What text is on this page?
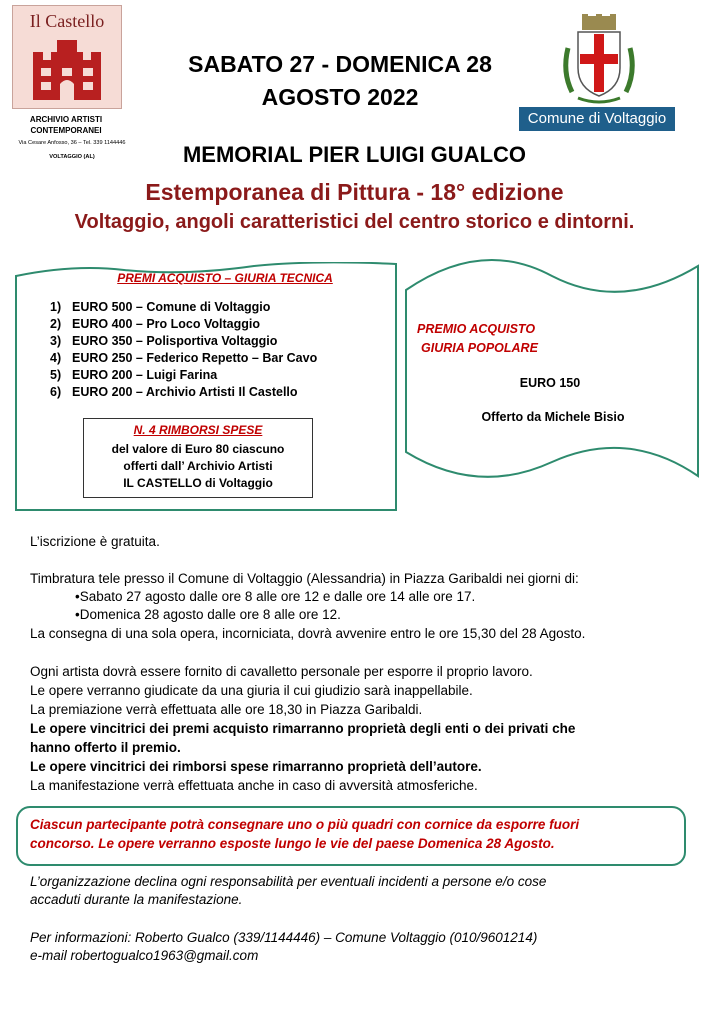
Il Castello
ARCHIVIO ARTISTI
CONTEMPORANEI
Via Cesare Anfosso, 36 – Tel. 339 1144446
VOLTAGGIO (AL)
SABATO 27 - DOMENICA 28
AGOSTO 2022
Comune di Voltaggio
MEMORIAL PIER LUIGI GUALCO
Estemporanea di Pittura - 18° edizione
Voltaggio, angoli caratteristici del centro storico e dintorni.
PREMI ACQUISTO – GIURIA TECNICA
1) EURO 500 – Comune di Voltaggio
2) EURO 400 – Pro Loco Voltaggio
3) EURO 350 – Polisportiva Voltaggio
4) EURO 250 – Federico Repetto – Bar Cavo
5) EURO 200 – Luigi Farina
6) EURO 200 – Archivio Artisti Il Castello
N. 4 RIMBORSI SPESE
del valore di Euro 80 ciascuno
offerti dall’ Archivio Artisti
IL CASTELLO di Voltaggio
PREMIO ACQUISTO
GIURIA POPOLARE
EURO 150
Offerto da Michele Bisio
L’iscrizione è gratuita.
Timbratura tele presso il Comune di Voltaggio (Alessandria) in Piazza Garibaldi nei giorni di:
•Sabato 27 agosto dalle ore 8 alle ore 12 e dalle ore 14 alle ore 17.
•Domenica 28 agosto dalle ore 8 alle ore 12.
La consegna di una sola opera, incorniciata, dovrà avvenire entro le ore 15,30 del 28 Agosto.
Ogni artista dovrà essere fornito di cavalletto personale per esporre il proprio lavoro.
Le opere verranno giudicate da una giuria il cui giudizio sarà inappellabile.
La premiazione verrà effettuata alle ore 18,30 in Piazza Garibaldi.
Le opere vincitrici dei premi acquisto rimarranno proprietà degli enti o dei privati che
hanno offerto il premio.
Le opere vincitrici dei rimborsi spese rimarranno proprietà dell’autore.
La manifestazione verrà effettuata anche in caso di avversità atmosferiche.
Ciascun partecipante potrà consegnare uno o più quadri con cornice da esporre fuori
concorso. Le opere verranno esposte lungo le vie del paese Domenica 28 Agosto.
L’organizzazione declina ogni responsabilità per eventuali incidenti a persone e/o cose
accaduti durante la manifestazione.
Per informazioni: Roberto Gualco (339/1144446) – Comune Voltaggio (010/9601214)
e-mail robertogualco1963@gmail.com
